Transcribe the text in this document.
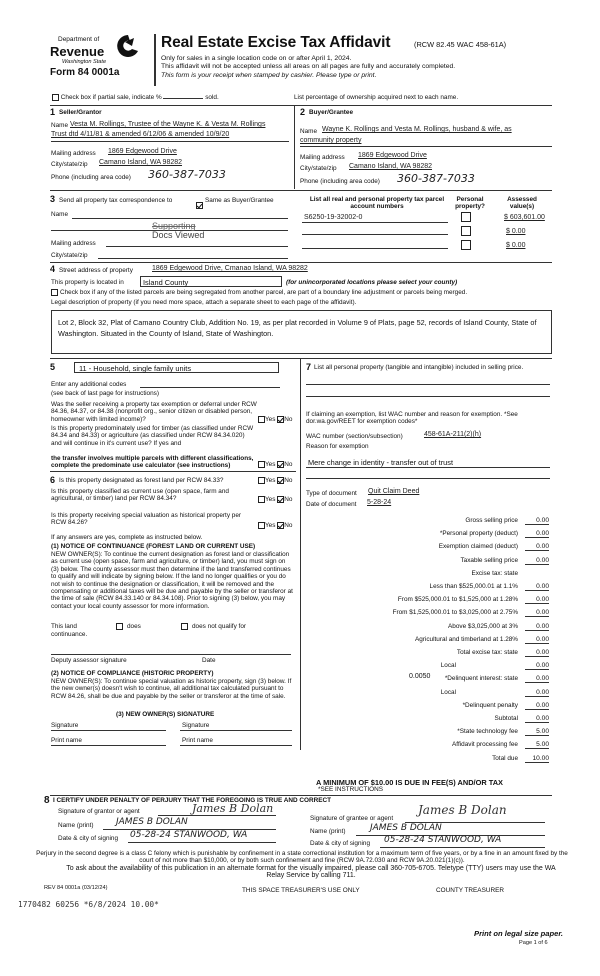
Department of
Revenue
Washington State
Form 84 0001a
Real Estate Excise Tax Affidavit	(RCW 82.45 WAC 458-61A)
Only for sales in a single location code on or after April 1, 2024.
This affidavit will not be accepted unless all areas on all pages are fully and accurately completed.
This form is your receipt when stamped by cashier. Please type or print.
Check box if partial sale, indicate %	sold.	List percentage of ownership acquired next to each name.
1 Seller/Grantor
Name Vesta M. Rollings, Trustee of the Wayne K. & Vesta M. Rollings
Trust dtd 4/11/81 & amended 6/12/06 & amended 10/9/20
Mailing address 1869 Edgewood Drive
City/state/zip Camano Island, WA 98282
Phone (including area code) 360-387-7033
2 Buyer/Grantee
Name Wayne K. Rollings and Vesta M. Rollings, husband & wife, as
community property
Mailing address 1869 Edgewood Drive
City/state/zip Camano Island, WA 98282
Phone (including area code) 360-387-7033
3 Send all property tax correspondence to	Same as Buyer/Grantee
Name
Supporting
Docs Viewed
Mailing address
City/state/zip
List all real and personal property tax parcel account numbers
Personal property?
Assessed value(s)
S6250-19-32002-0	$ 603,601.00
$ 0.00
$ 0.00
4 Street address of property	1869 Edgewood Drive, Cmanao Island, WA 98282
This property is located in	Island County	(for unincorporated locations please select your county)
Check box if any of the listed parcels are being segregated from another parcel, are part of a boundary line adjustment or parcels being merged.
Legal description of property (if you need more space, attach a separate sheet to each page of the affidavit).
Lot 2, Block 32, Plat of Camano Country Club, Addition No. 19, as per plat recorded in Volume 9 of Plats, page 52, records of Island County, State of Washington. Situated in the County of Island, State of Washington.
5	11 - Household, single family units
Enter any additional codes
(see back of last page for instructions)
Was the seller receiving a property tax exemption or deferral under RCW 84.36, 84.37, or 84.38 (nonprofit org., senior citizen or disabled person, homeowner with limited income)?	Yes No
Is this property predominately used for timber (as classified under RCW 84.34 and 84.33) or agriculture (as classified under RCW 84.34.020) and will continue in it's current use? If yes and
the transfer involves multiple parcels with different classifications, complete the predominate use calculator (see instructions)	Yes No
6 Is this property designated as forest land per RCW 84.33?	Yes No
Is this property classified as current use (open space, farm and agricultural, or timber) land per RCW 84.34?	Yes No
Is this property receiving special valuation as historical property per RCW 84.26?	Yes No
If any answers are yes, complete as instructed below.
(1) NOTICE OF CONTINUANCE (FOREST LAND OR CURRENT USE)
NEW OWNER(S): To continue the current designation as forest land or classification as current use (open space, farm and agriculture, or timber) land, you must sign on (3) below. The county assessor must then determine if the land transferred continues to qualify and will indicate by signing below. If the land no longer qualifies or you do not wish to continue the designation or classification, it will be removed and the compensating or additional taxes will be due and payable by the seller or transferor at the time of sale (RCW 84.33.140 or 84.34.108). Prior to signing (3) below, you may contact your local county assessor for more information.
This land	does	does not qualify for
continuance.
Deputy assessor signature	Date
(2) NOTICE OF COMPLIANCE (HISTORIC PROPERTY)
NEW OWNER(S): To continue special valuation as historic property, sign (3) below. If the new owner(s) doesn't wish to continue, all additional tax calculated pursuant to RCW 84.26, shall be due and payable by the seller or transferor at the time of sale.
(3) NEW OWNER(S) SIGNATURE
Signature	Signature
Print name	Print name
7 List all personal property (tangible and intangible) included in selling price.
If claiming an exemption, list WAC number and reason for exemption. *See dor.wa.gov/REET for exemption codes*
WAC number (section/subsection)	458-61A-211(2)(h)
Reason for exemption
Mere change in identity - transfer out of trust
Type of document Quit Claim Deed
Date of document 5-28-24
Gross selling price	0.00
*Personal property (deduct)	0.00
Exemption claimed (deduct)	0.00
Taxable selling price	0.00
Excise tax: state
Less than $525,000.01 at 1.1%	0.00
From $525,000.01 to $1,525,000 at 1.28%	0.00
From $1,525,000.01 to $3,025,000 at 2.75%	0.00
Above $3,025,000 at 3%	0.00
Agricultural and timberland at 1.28%	0.00
Total excise tax: state	0.00
Local	0.00
*Delinquent interest: state	0.00
Local	0.00
*Delinquent penalty	0.00
Subtotal	0.00
*State technology fee	5.00
Affidavit processing fee	5.00
Total due	10.00
0.0050
A MINIMUM OF $10.00 IS DUE IN FEE(S) AND/OR TAX
*SEE INSTRUCTIONS
8 I CERTIFY UNDER PENALTY OF PERJURY THAT THE FOREGOING IS TRUE AND CORRECT
Signature of grantor or agent	James B Dolan
Name (print) JAMES B DOLAN
Date & city of signing 05-28-24 STANWOOD, WA
Signature of grantee or agent
James B Dolan
Name (print)	JAMES B DOLAN
Date & city of signing 05-28-24 STANWOOD, WA
Perjury in the second degree is a class C felony which is punishable by confinement in a state correctional institution for a maximum term of five years, or by a fine in an amount fixed by the court of not more than $10,000, or by both such confinement and fine (RCW 9A.72.030 and RCW 9A.20.021(1)(c)).
To ask about the availability of this publication in an alternate format for the visually impaired, please call 360-705-6705. Teletype (TTY) users may use the WA Relay Service by calling 711.
REV 84 0001a (03/12/24)	THIS SPACE TREASURER'S USE ONLY	COUNTY TREASURER
1770482 60256 *6/8/2024 10.00*
Print on legal size paper.
Page 1 of 6
